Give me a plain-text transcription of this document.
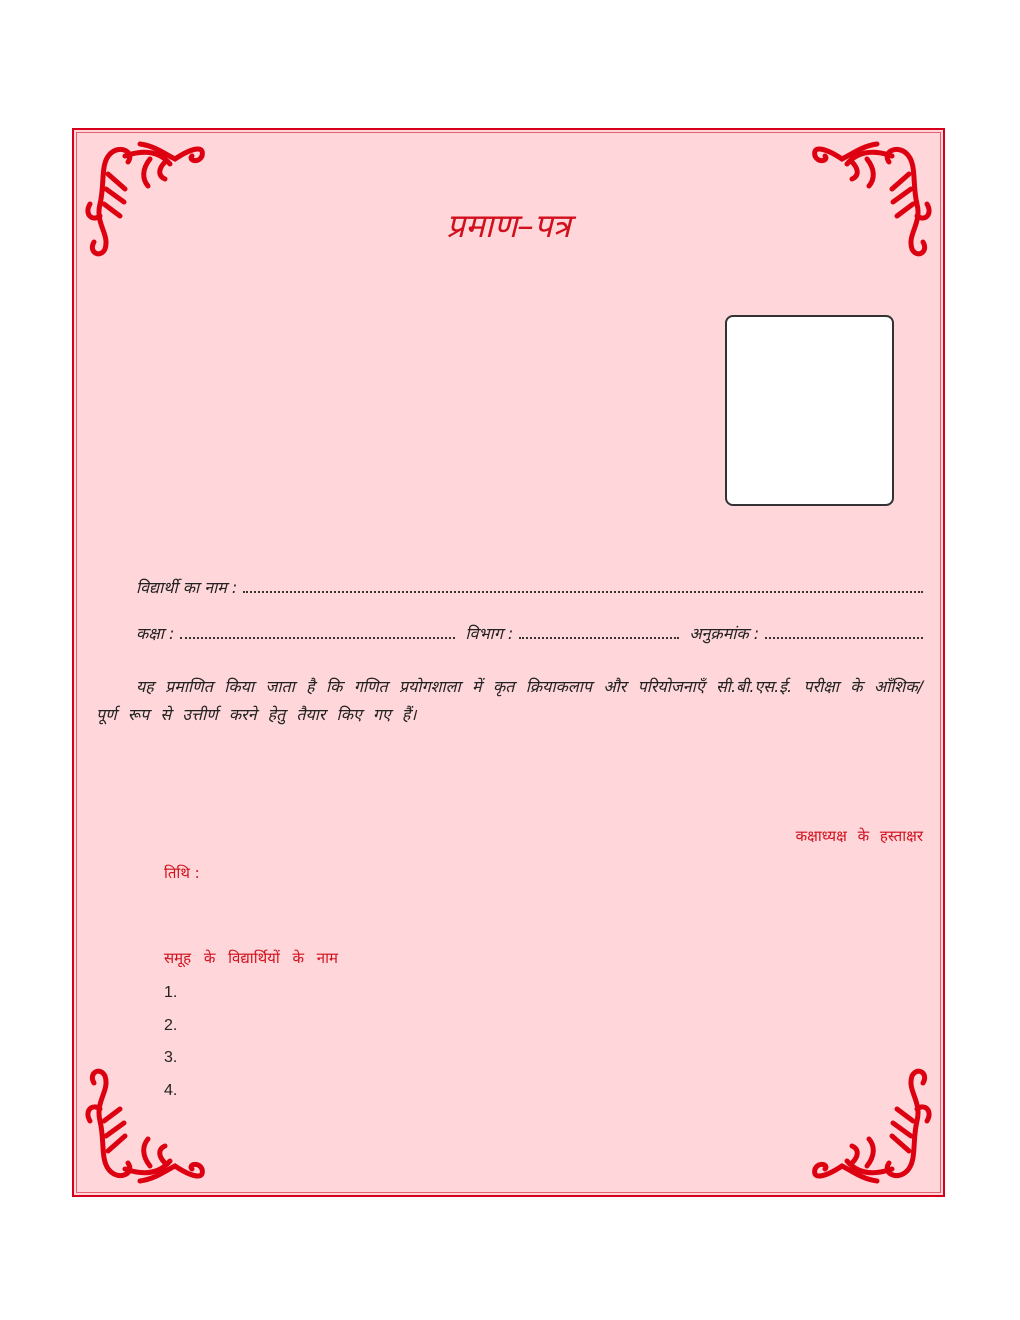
प्रमाण–पत्र
विद्यार्थी का नाम :
कक्षा :	विभाग :	अनुक्रमांक :
यह प्रमाणित किया जाता है कि गणित प्रयोगशाला में कृत क्रियाकलाप और परियोजनाएँ सी.बी.एस.ई. परीक्षा के आँशिक/पूर्ण रूप से उत्तीर्ण करने हेतु तैयार किए गए हैं।
कक्षाध्यक्ष के हस्ताक्षर
तिथि :
समूह के विद्यार्थियों के नाम
1.
2.
3.
4.
